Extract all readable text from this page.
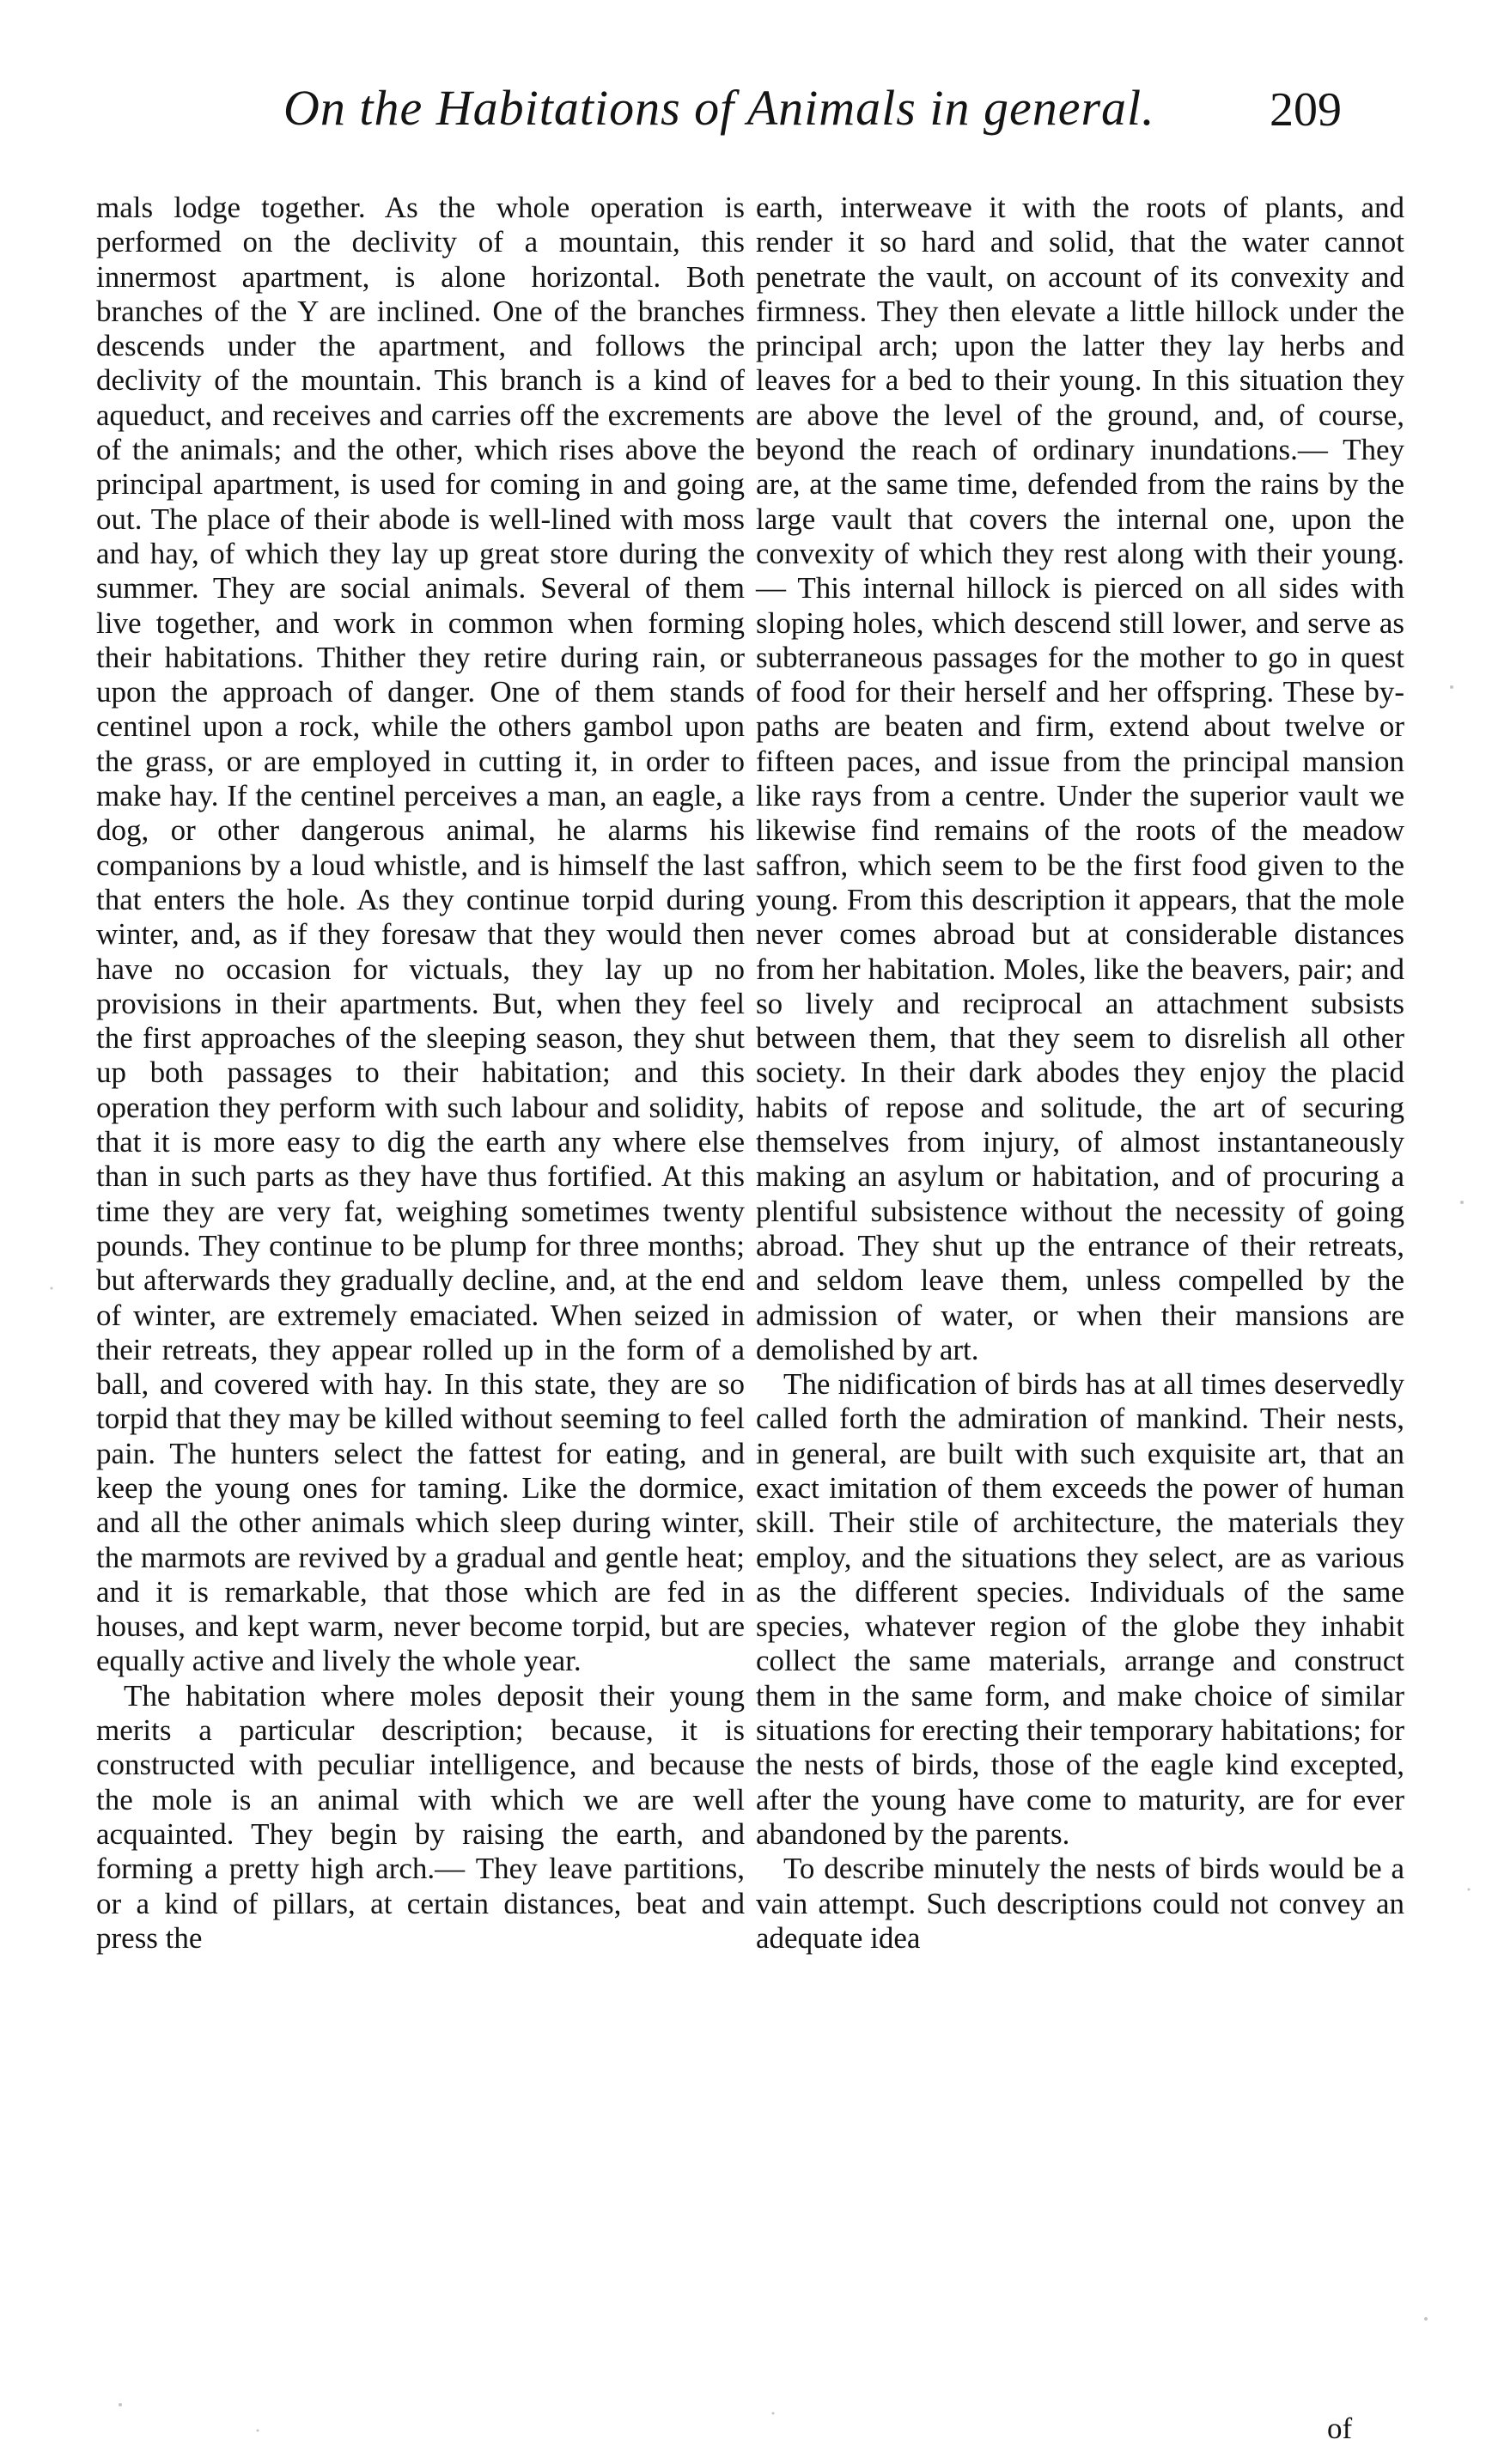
On the Habitations of Animals in general. 209

mals lodge together. As the whole operation is performed on the declivity of a mountain, this innermost apartment, is alone horizontal. Both branches of the Y are inclined. One of the branches descends under the apartment, and follows the declivity of the mountain. This branch is a kind of aqueduct, and receives and carries off the excrements of the animals; and the other, which rises above the principal apartment, is used for coming in and going out. The place of their abode is well-lined with moss and hay, of which they lay up great store during the summer. They are social animals. Several of them live together, and work in common when forming their habitations. Thither they retire during rain, or upon the approach of danger. One of them stands centinel upon a rock, while the others gambol upon the grass, or are employed in cutting it, in order to make hay. If the centinel perceives a man, an eagle, a dog, or other dangerous animal, he alarms his companions by a loud whistle, and is himself the last that enters the hole. As they continue torpid during winter, and, as if they foresaw that they would then have no occasion for victuals, they lay up no provisions in their apartments. But, when they feel the first approaches of the sleeping season, they shut up both passages to their habitation; and this operation they perform with such labour and solidity, that it is more easy to dig the earth any where else than in such parts as they have thus fortified. At this time they are very fat, weighing sometimes twenty pounds. They continue to be plump for three months; but afterwards they gradually decline, and, at the end of winter, are extremely emaciated. When seized in their retreats, they appear rolled up in the form of a ball, and covered with hay. In this state, they are so torpid that they may be killed without seeming to feel pain. The hunters select the fattest for eating, and keep the young ones for taming. Like the dormice, and all the other animals which sleep during winter, the marmots are revived by a gradual and gentle heat; and it is remarkable, that those which are fed in houses, and kept warm, never become torpid, but are equally active and lively the whole year.

The habitation where moles deposit their young merits a particular description; because, it is constructed with peculiar intelligence, and because the mole is an animal with which we are well acquainted. They begin by raising the earth, and forming a pretty high arch.— They leave partitions, or a kind of pillars, at certain distances, beat and press the

earth, interweave it with the roots of plants, and render it so hard and solid, that the water cannot penetrate the vault, on account of its convexity and firmness. They then elevate a little hillock under the principal arch; upon the latter they lay herbs and leaves for a bed to their young. In this situation they are above the level of the ground, and, of course, beyond the reach of ordinary inundations.— They are, at the same time, defended from the rains by the large vault that covers the internal one, upon the convexity of which they rest along with their young.— This internal hillock is pierced on all sides with sloping holes, which descend still lower, and serve as subterraneous passages for the mother to go in quest of food for their herself and her offspring. These by-paths are beaten and firm, extend about twelve or fifteen paces, and issue from the principal mansion like rays from a centre. Under the superior vault we likewise find remains of the roots of the meadow saffron, which seem to be the first food given to the young. From this description it appears, that the mole never comes abroad but at considerable distances from her habitation. Moles, like the beavers, pair; and so lively and reciprocal an attachment subsists between them, that they seem to disrelish all other society. In their dark abodes they enjoy the placid habits of repose and solitude, the art of securing themselves from injury, of almost instantaneously making an asylum or habitation, and of procuring a plentiful subsistence without the necessity of going abroad. They shut up the entrance of their retreats, and seldom leave them, unless compelled by the admission of water, or when their mansions are demolished by art.

The nidification of birds has at all times deservedly called forth the admiration of mankind. Their nests, in general, are built with such exquisite art, that an exact imitation of them exceeds the power of human skill. Their stile of architecture, the materials they employ, and the situations they select, are as various as the different species. Individuals of the same species, whatever region of the globe they inhabit collect the same materials, arrange and construct them in the same form, and make choice of similar situations for erecting their temporary habitations; for the nests of birds, those of the eagle kind excepted, after the young have come to maturity, are for ever abandoned by the parents.

To describe minutely the nests of birds would be a vain attempt. Such descriptions could not convey an adequate idea

of
